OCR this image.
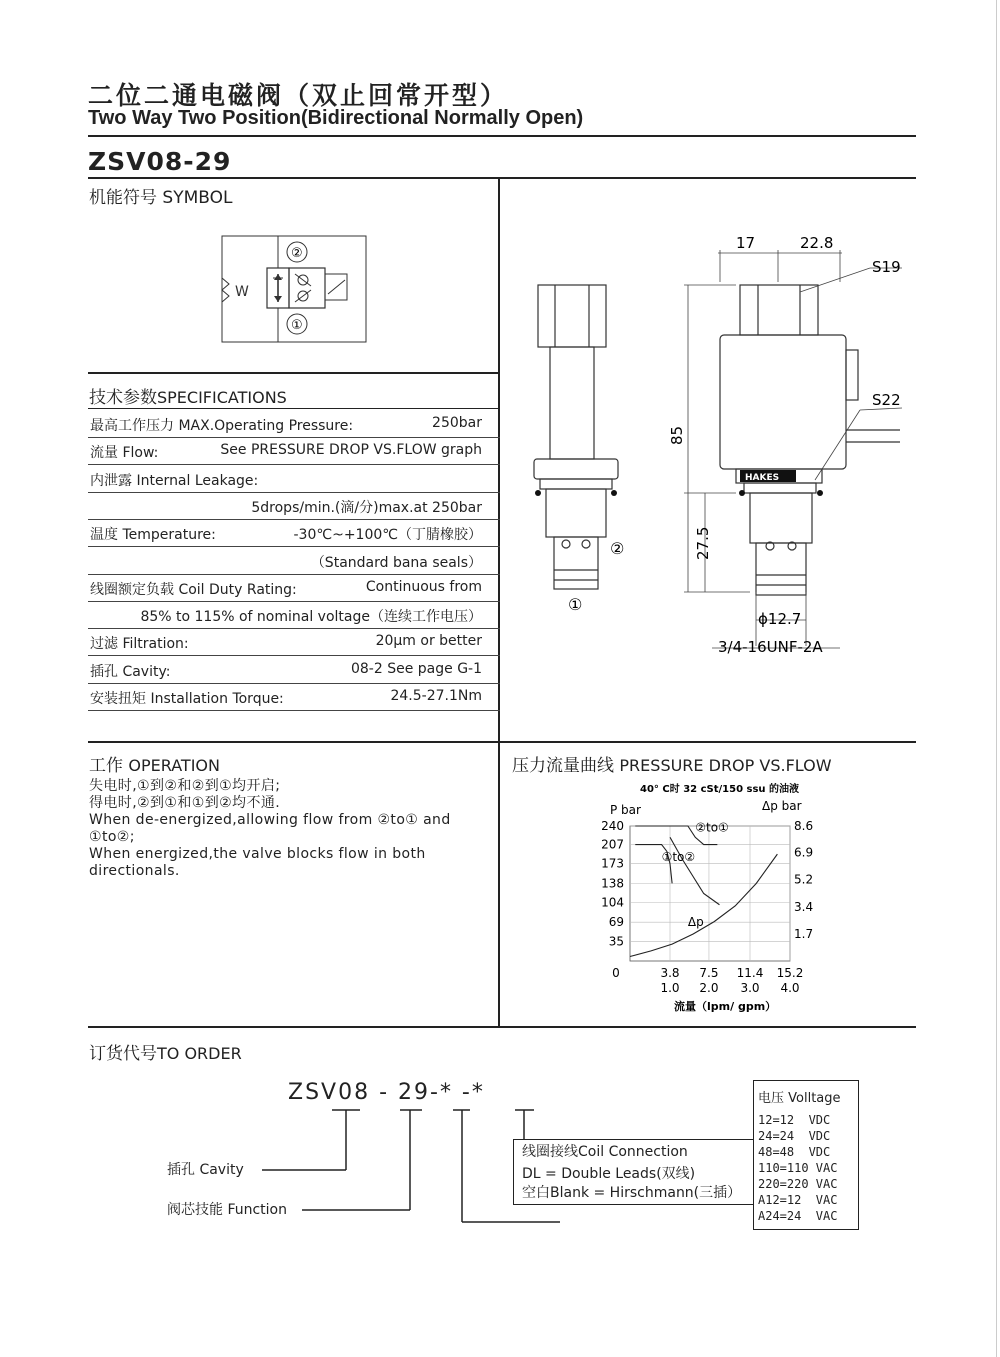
二位二通电磁阀（双止回常开型）
Two Way Two Position(Bidirectional Normally Open)
ZSV08-29
机能符号 SYMBOL
W
②
①
②
①
HAKES
17	22.8
S19
S22
85
27.5
ϕ12.7
3/4-16UNF-2A
技术参数SPECIFICATIONS
最高工作压力 MAX.Operating Pressure:	250bar
流量 Flow:	See PRESSURE DROP VS.FLOW graph
内泄露 Internal Leakage:
5drops/min.(滴/分)max.at 250bar
温度 Temperature:	-30℃~+100℃（丁腈橡胶）
（Standard bana seals）
线圈额定负载 Coil Duty Rating:	Continuous from
85% to 115% of nominal voltage（连续工作电压）
过滤 Filtration:	20μm or better
插孔 Cavity:	08-2 See page G-1
安装扭矩 Installation Torque:	24.5-27.1Nm
工作 OPERATION
失电时,①到②和②到①均开启;
得电时,②到①和①到②均不通.
When de-energized,allowing flow from ②to① and
①to②;
When energized,the valve blocks flow in both
directionals.
压力流量曲线 PRESSURE DROP VS.FLOW
40° C时 32 cSt/150 ssu 的油液
P bar	Δp bar
流量（lpm/ gpm）
240
207
173
138
104
69
35
8.6
6.9
5.2
3.4
1.7
0	3.8 7.5 11.4 15.2
1.0 2.0 3.0 4.0
②to①
①to②
Δp
订货代号TO ORDER
ZSV08 - 29-* -*
插孔 Cavity
阀芯技能 Function
线圈接线Coil Connection
DL = Double Leads(双线)
空白Blank = Hirschmann(三插）
电压 Volltage
12=12  VDC
24=24  VDC
48=48  VDC
110=110 VAC
220=220 VAC
A12=12  VAC
A24=24  VAC
